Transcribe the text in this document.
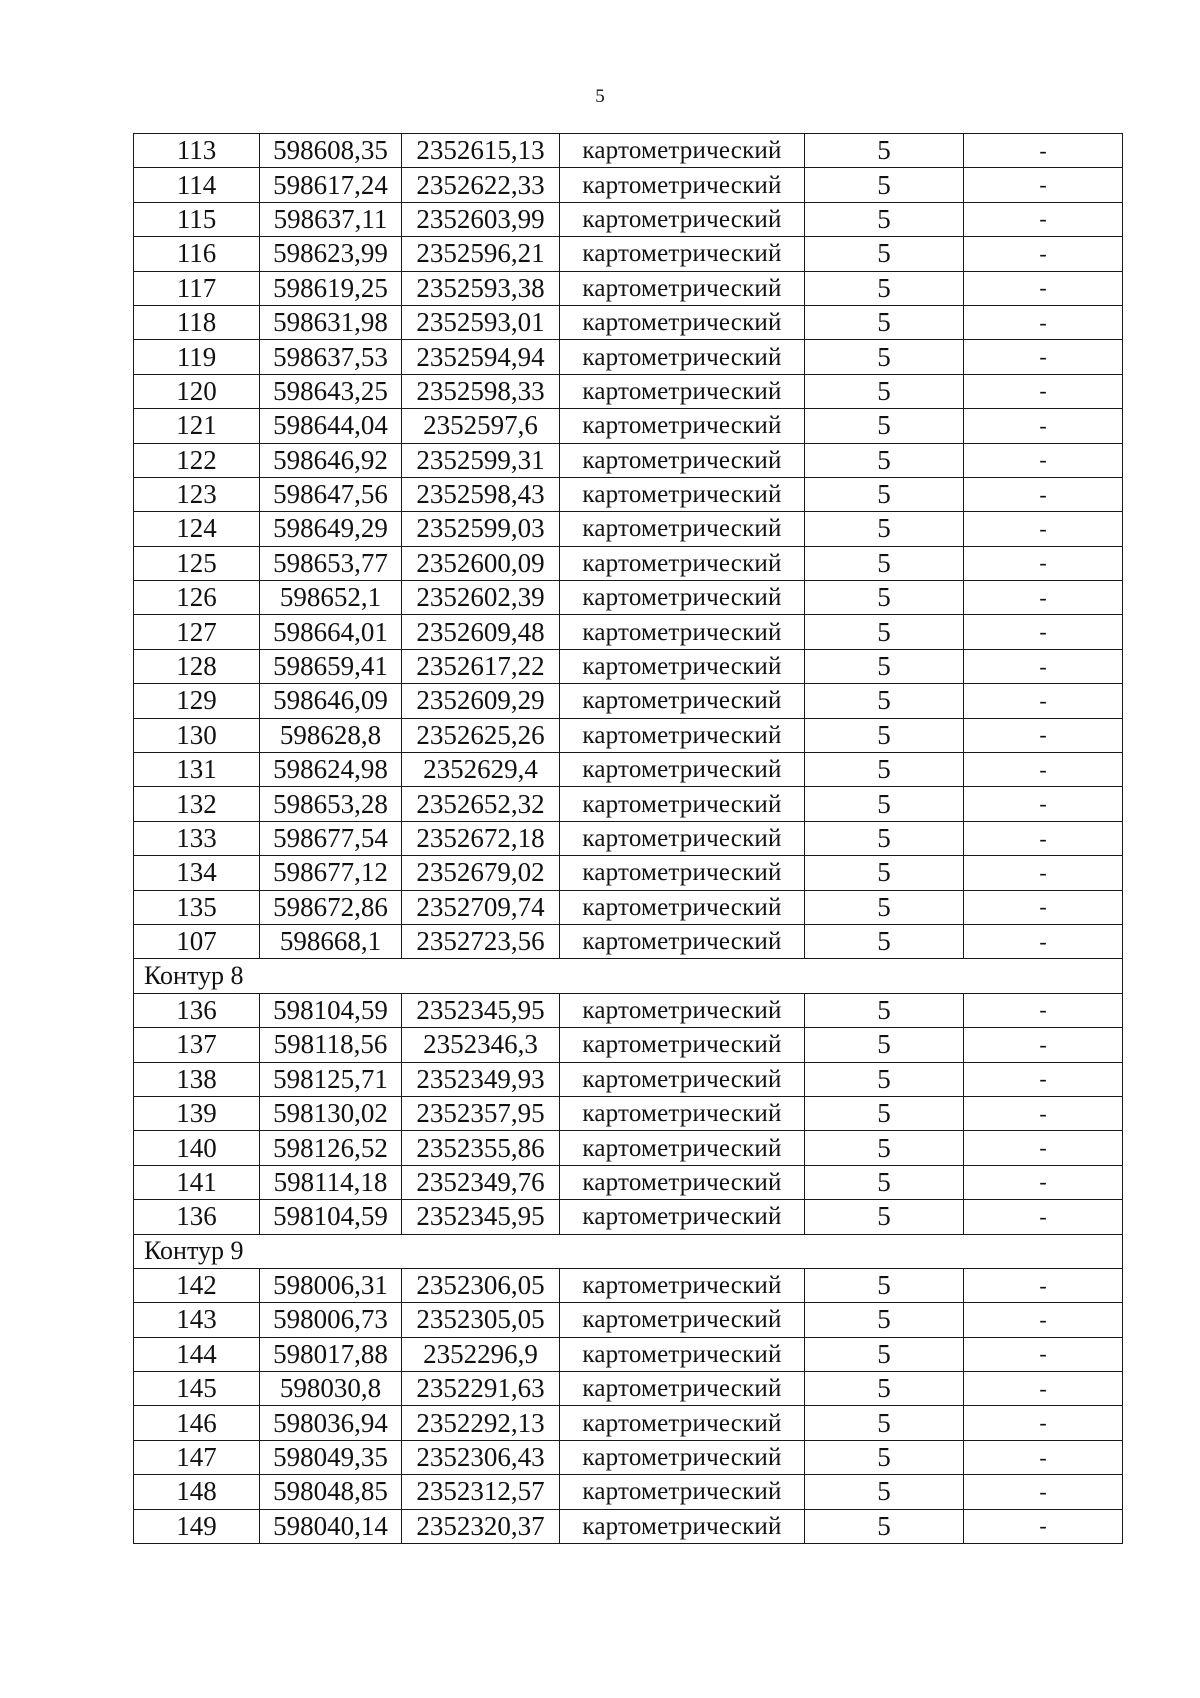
5
113	598608,35	2352615,13	картометрический	5	-
114	598617,24	2352622,33	картометрический	5	-
115	598637,11	2352603,99	картометрический	5	-
116	598623,99	2352596,21	картометрический	5	-
117	598619,25	2352593,38	картометрический	5	-
118	598631,98	2352593,01	картометрический	5	-
119	598637,53	2352594,94	картометрический	5	-
120	598643,25	2352598,33	картометрический	5	-
121	598644,04	2352597,6	картометрический	5	-
122	598646,92	2352599,31	картометрический	5	-
123	598647,56	2352598,43	картометрический	5	-
124	598649,29	2352599,03	картометрический	5	-
125	598653,77	2352600,09	картометрический	5	-
126	598652,1	2352602,39	картометрический	5	-
127	598664,01	2352609,48	картометрический	5	-
128	598659,41	2352617,22	картометрический	5	-
129	598646,09	2352609,29	картометрический	5	-
130	598628,8	2352625,26	картометрический	5	-
131	598624,98	2352629,4	картометрический	5	-
132	598653,28	2352652,32	картометрический	5	-
133	598677,54	2352672,18	картометрический	5	-
134	598677,12	2352679,02	картометрический	5	-
135	598672,86	2352709,74	картометрический	5	-
107	598668,1	2352723,56	картометрический	5	-
Контур 8					
136	598104,59	2352345,95	картометрический	5	-
137	598118,56	2352346,3	картометрический	5	-
138	598125,71	2352349,93	картометрический	5	-
139	598130,02	2352357,95	картометрический	5	-
140	598126,52	2352355,86	картометрический	5	-
141	598114,18	2352349,76	картометрический	5	-
136	598104,59	2352345,95	картометрический	5	-
Контур 9					
142	598006,31	2352306,05	картометрический	5	-
143	598006,73	2352305,05	картометрический	5	-
144	598017,88	2352296,9	картометрический	5	-
145	598030,8	2352291,63	картометрический	5	-
146	598036,94	2352292,13	картометрический	5	-
147	598049,35	2352306,43	картометрический	5	-
148	598048,85	2352312,57	картометрический	5	-
149	598040,14	2352320,37	картометрический	5	-
